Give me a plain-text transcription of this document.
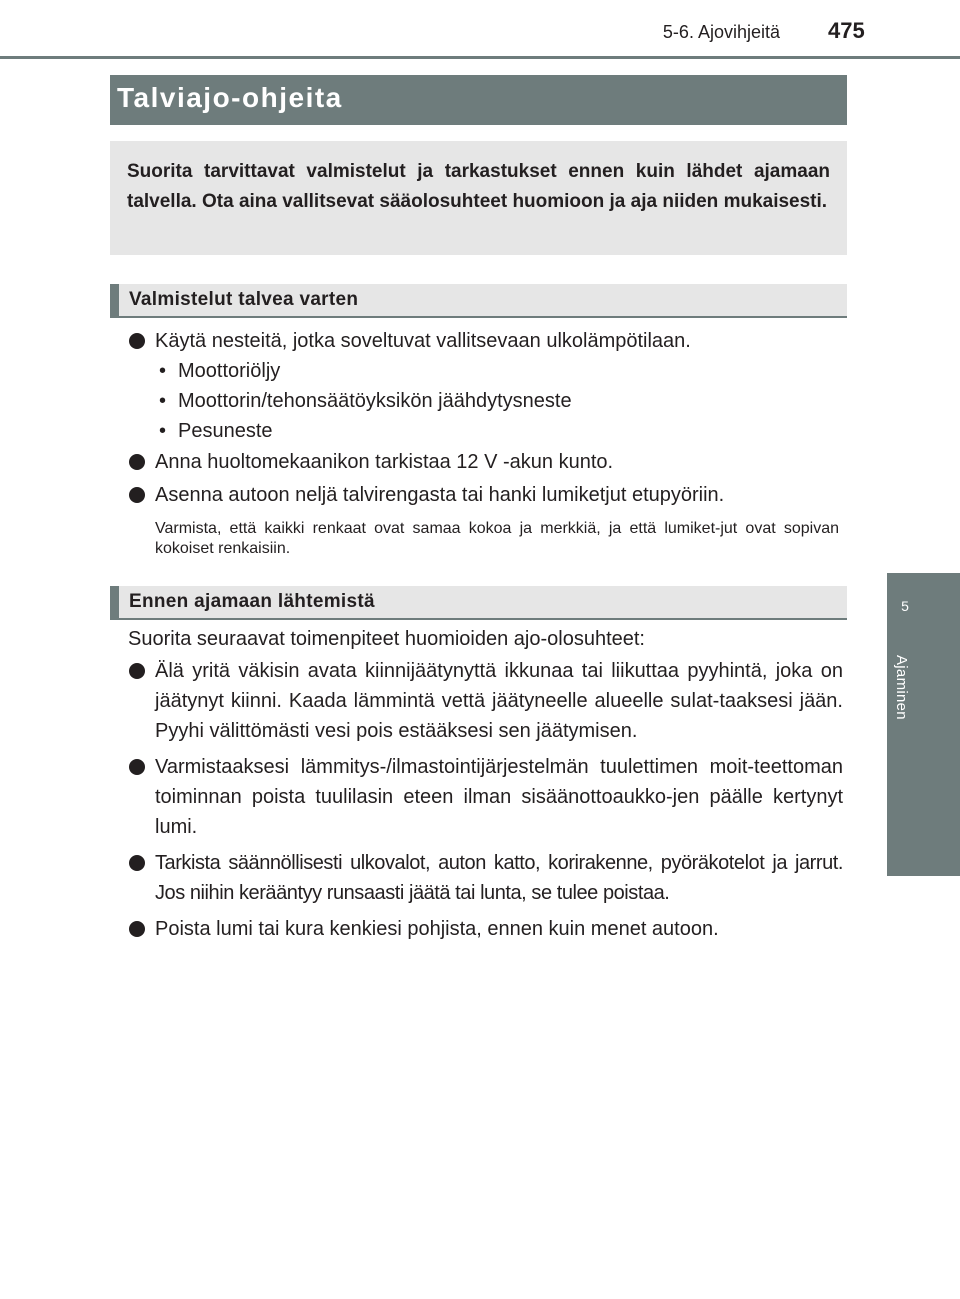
5-6. Ajovihjeitä 475
5
Ajaminen
Talviajo-ohjeita

Suorita tarvittavat valmistelut ja tarkastukset ennen kuin lähdet ajamaan talvella. Ota aina vallitsevat sääolosuhteet huomioon ja aja niiden mukaisesti.

Valmistelut talvea varten
Käytä nesteitä, jotka soveltuvat vallitsevaan ulkolämpötilaan.
• Moottoriöljy
• Moottorin/tehonsäätöyksikön jäähdytysneste
• Pesuneste
Anna huoltomekaanikon tarkistaa 12 V -akun kunto.
Asenna autoon neljä talvirengasta tai hanki lumiketjut etupyöriin.
Varmista, että kaikki renkaat ovat samaa kokoa ja merkkiä, ja että lumiket-jut ovat sopivan kokoiset renkaisiin.
Ennen ajamaan lähtemistä
Suorita seuraavat toimenpiteet huomioiden ajo-olosuhteet:
Älä yritä väkisin avata kiinnijäätynyttä ikkunaa tai liikuttaa pyyhintä, joka on jäätynyt kiinni. Kaada lämmintä vettä jäätyneelle alueelle sulat-taaksesi jään. Pyyhi välittömästi vesi pois estääksesi sen jäätymisen.
Varmistaaksesi lämmitys-/ilmastointijärjestelmän tuulettimen moit-teettoman toiminnan poista tuulilasin eteen ilman sisäänottoaukko-jen päälle kertynyt lumi.
Tarkista säännöllisesti ulkovalot, auton katto, korirakenne, pyöräkotelot ja jarrut. Jos niihin kerääntyy runsaasti jäätä tai lunta, se tulee poistaa.
Poista lumi tai kura kenkiesi pohjista, ennen kuin menet autoon.
